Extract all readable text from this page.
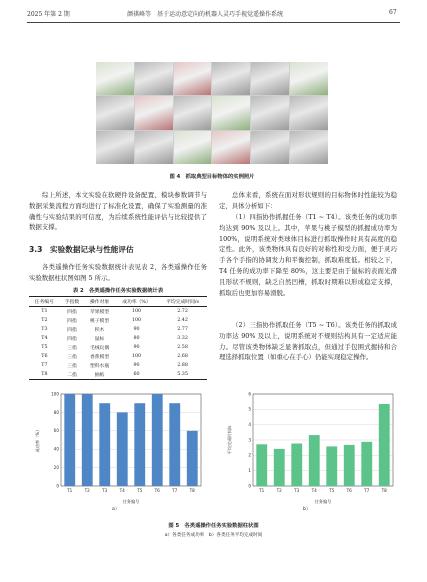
2025 年第 2 期	颜祺峰等　基于运动意定向的机器人灵巧手视觉遥操作系统	67
图 4　抓取典型目标物体的实例照片
综上所述，本文实验在软硬件设备配置、模块参数调节与数据采集流程方面均进行了标准化设置，确保了实验测量的准确性与实验结果的可信度，为后续系统性能评估与比较提供了数据支撑。
3.3　实验数据记录与性能评估
各类遥操作任务实验数据统计表见表 2，各类遥操作任务实验数据柱状图如图 5 所示。
表 2　各类遥操作任务实验数据统计表
任务编号	手指数	操作对象	成功率（%）	平均完成时间/s
T1	四指	苹果模型	100	2.72
T2	四指	桃子模型	100	2.42
T3	四指	积木	90	2.77
T4	四指	鼠标	80	3.32
T5	三指	毛绒玩偶	90	2.58
T6	三指	香蕉模型	100	2.68
T7	三指	塑料水瓶	90	2.88
T8	二指	抽纸	60	5.35
0
20
40
60
80
100
T1	T2	T3	T4	T5	T6	T7	T8
任务编号
成功率（%）
a）
总体来看，系统在面对形状规则的目标物体时性能较为稳定，具体分析如下：
（1）四指协作抓握任务（T1 ~ T4）。该类任务的成功率均达到 90% 及以上。其中，苹果与桃子模型的抓握成功率为 100%，说明系统对类球体目标进行抓取操作时具有高度的稳定性。此外，该类物体具有良好的对称性和受力面，便于灵巧手各个手指的协调发力和平衡控制，抓取难度低。相较之下，T4 任务的成功率下降至 80%，这主要是由于鼠标的表面光滑且形状不规则，缺乏自然凹槽，抓取时期难以形成稳定支撑，抓取后也更加容易滑脱。
（2）三指协作抓取任务（T5 ~ T6）。该类任务的抓取成功率达 90% 及以上，说明系统对不规则结构具有一定适应能力。尽管该类物体缺乏显著抓取点，但通过手包围式握持和合理选择抓取位置（如重心在手心）仍能实现稳定操作。
0
1
2
3
4
5
6
T1	T2	T3	T4	T5	T6	T7	T8
任务编号
平均完成时间/s
b）
图 5　各类遥操作任务实验数据柱状图
a）各类任务成功率　b）各类任务平均完成时间
